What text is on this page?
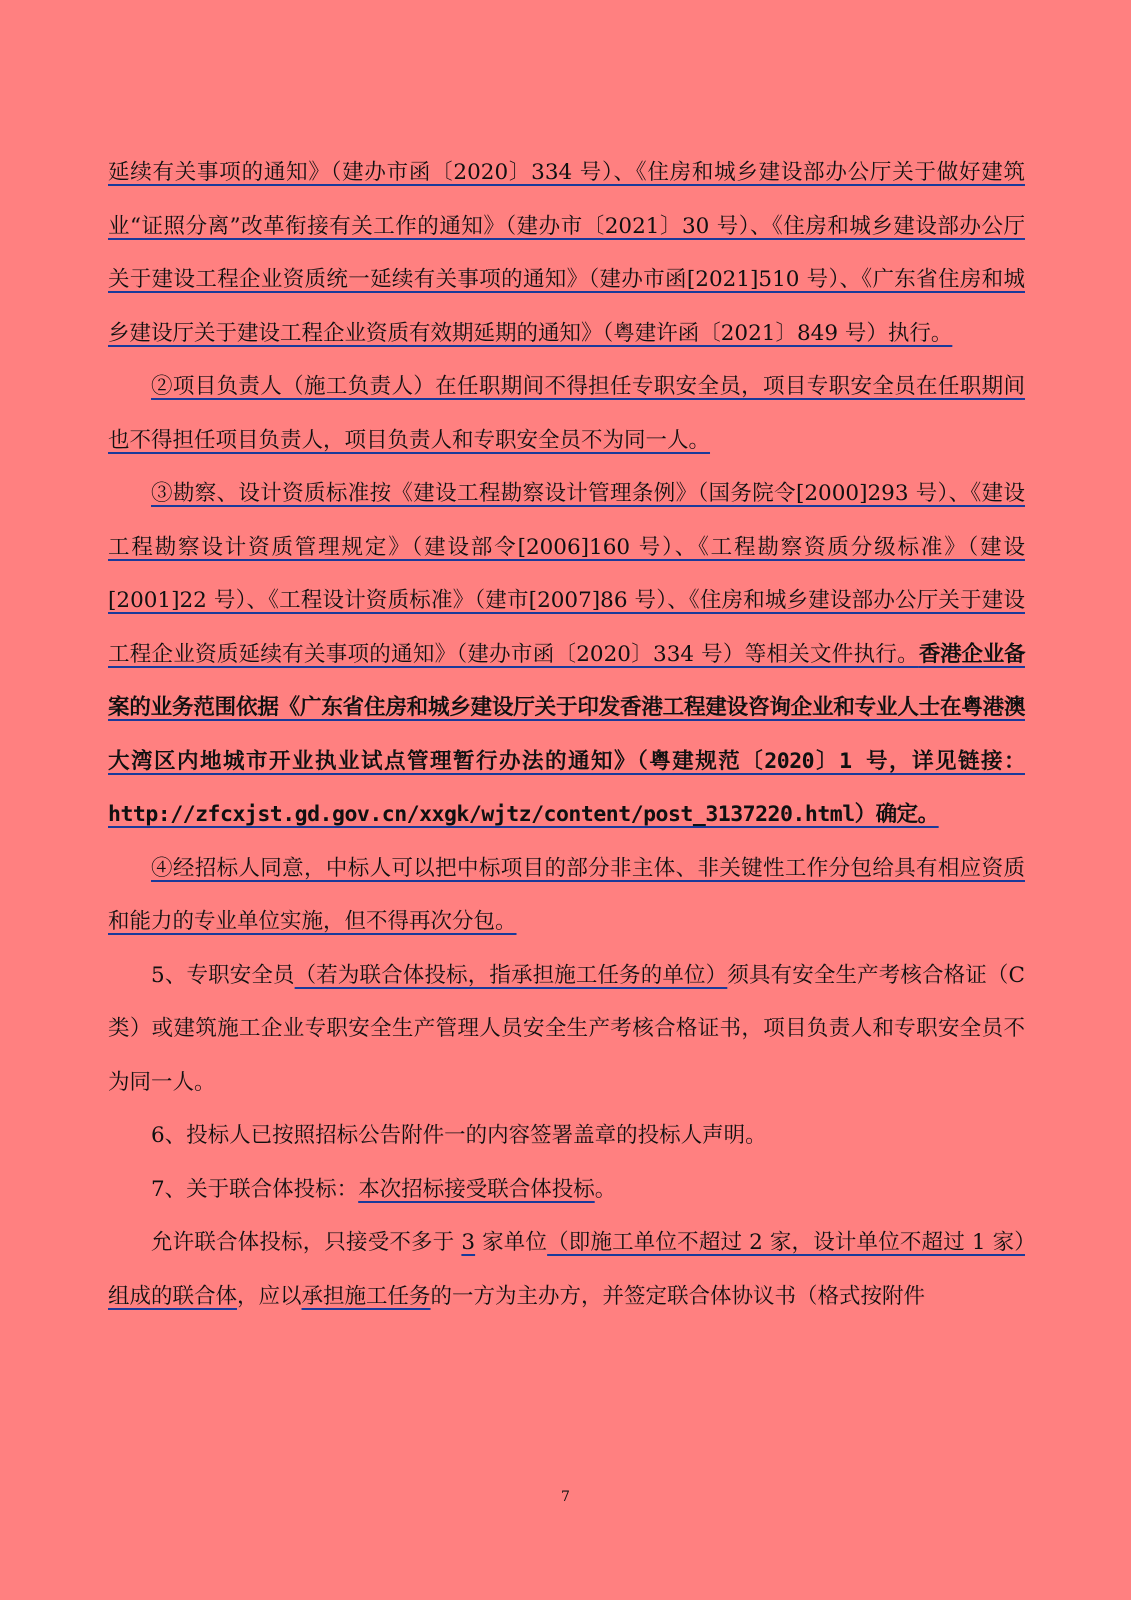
延续有关事项的通知》（建办市函〔2020〕334 号）、《住房和城乡建设部办公厅关于做好建筑业“证照分离”改革衔接有关工作的通知》（建办市〔2021〕30 号）、《住房和城乡建设部办公厅关于建设工程企业资质统一延续有关事项的通知》（建办市函[2021]510 号）、《广东省住房和城乡建设厅关于建设工程企业资质有效期延期的通知》（粤建许函〔2021〕849 号）执行。

②项目负责人（施工负责人）在任职期间不得担任专职安全员，项目专职安全员在任职期间也不得担任项目负责人，项目负责人和专职安全员不为同一人。

③勘察、设计资质标准按《建设工程勘察设计管理条例》（国务院令[2000]293 号）、《建设工程勘察设计资质管理规定》（建设部令[2006]160 号）、《工程勘察资质分级标准》（建设[2001]22 号）、《工程设计资质标准》（建市[2007]86 号）、《住房和城乡建设部办公厅关于建设工程企业资质延续有关事项的通知》（建办市函〔2020〕334 号）等相关文件执行。香港企业备案的业务范围依据《广东省住房和城乡建设厅关于印发香港工程建设咨询企业和专业人士在粤港澳大湾区内地城市开业执业试点管理暂行办法的通知》（粤建规范〔2020〕1 号，详见链接：http://zfcxjst.gd.gov.cn/xxgk/wjtz/content/post_3137220.html）确定。

④经招标人同意，中标人可以把中标项目的部分非主体、非关键性工作分包给具有相应资质和能力的专业单位实施，但不得再次分包。

5、专职安全员（若为联合体投标，指承担施工任务的单位）须具有安全生产考核合格证（C 类）或建筑施工企业专职安全生产管理人员安全生产考核合格证书，项目负责人和专职安全员不为同一人。

6、投标人已按照招标公告附件一的内容签署盖章的投标人声明。

7、关于联合体投标：本次招标接受联合体投标。

允许联合体投标，只接受不多于 3 家单位（即施工单位不超过 2 家，设计单位不超过 1 家）组成的联合体，应以承担施工任务的一方为主办方，并签定联合体协议书（格式按附件

7
